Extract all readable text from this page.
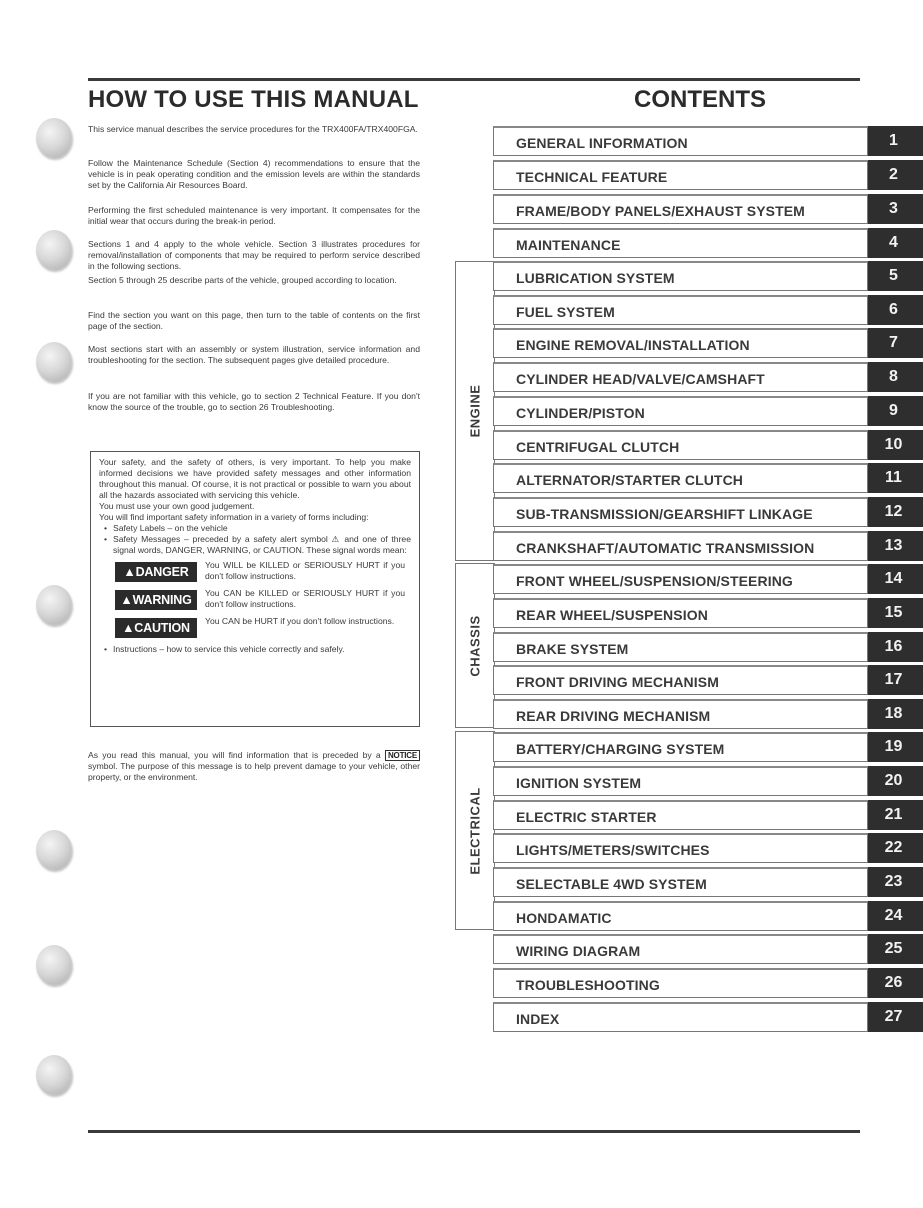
HOW TO USE THIS MANUAL

This service manual describes the service procedures for the TRX400FA/TRX400FGA.

Follow the Maintenance Schedule (Section 4) recommendations to ensure that the vehicle is in peak operating condition and the emission levels are within the standards set by the California Air Resources Board.

Performing the first scheduled maintenance is very important. It compensates for the initial wear that occurs during the break-in period.

Sections 1 and 4 apply to the whole vehicle. Section 3 illustrates procedures for removal/installation of components that may be required to perform service described in the following sections.

Section 5 through 25 describe parts of the vehicle, grouped according to location.

Find the section you want on this page, then turn to the table of contents on the first page of the section.

Most sections start with an assembly or system illustration, service information and troubleshooting for the section. The subsequent pages give detailed procedure.

If you are not familiar with this vehicle, go to section 2 Technical Feature. If you don't know the source of the trouble, go to section 26 Troubleshooting.

Your safety, and the safety of others, is very important. To help you make informed decisions we have provided safety messages and other information throughout this manual. Of course, it is not practical or possible to warn you about all the hazards associated with servicing this vehicle.

You must use your own good judgement.

You will find important safety information in a variety of forms including:

• Safety Labels – on the vehicle
• Safety Messages – preceded by a safety alert symbol ⚠ and one of three signal words, DANGER, WARNING, or CAUTION. These signal words mean:
▲DANGER	You WILL be KILLED or SERIOUSLY HURT if you don't follow instructions.
▲WARNING	You CAN be KILLED or SERIOUSLY HURT if you don't follow instructions.
▲CAUTION	You CAN be HURT if you don't follow instructions.
• Instructions – how to service this vehicle correctly and safely.

As you read this manual, you will find information that is preceded by a NOTICE symbol. The purpose of this message is to help prevent damage to your vehicle, other property, or the environment.

CONTENTS
ENGINE
CHASSIS
ELECTRICAL
GENERAL INFORMATION	1
TECHNICAL FEATURE	2
FRAME/BODY PANELS/EXHAUST SYSTEM	3
MAINTENANCE	4
LUBRICATION SYSTEM	5
FUEL SYSTEM	6
ENGINE REMOVAL/INSTALLATION	7
CYLINDER HEAD/VALVE/CAMSHAFT	8
CYLINDER/PISTON	9
CENTRIFUGAL CLUTCH	10
ALTERNATOR/STARTER CLUTCH	11
SUB-TRANSMISSION/GEARSHIFT LINKAGE	12
CRANKSHAFT/AUTOMATIC TRANSMISSION	13
FRONT WHEEL/SUSPENSION/STEERING	14
REAR WHEEL/SUSPENSION	15
BRAKE SYSTEM	16
FRONT DRIVING MECHANISM	17
REAR DRIVING MECHANISM	18
BATTERY/CHARGING SYSTEM	19
IGNITION SYSTEM	20
ELECTRIC STARTER	21
LIGHTS/METERS/SWITCHES	22
SELECTABLE 4WD SYSTEM	23
HONDAMATIC	24
WIRING DIAGRAM	25
TROUBLESHOOTING	26
INDEX	27
